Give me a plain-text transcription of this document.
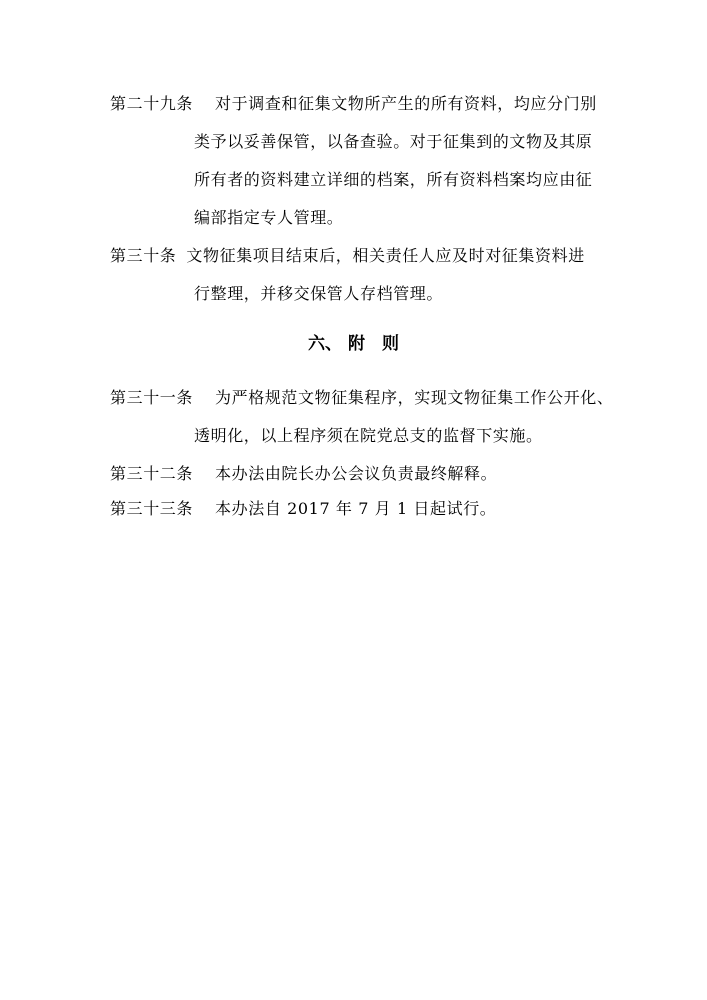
第二十九条 对于调查和征集文物所产生的所有资料，均应分门别
类予以妥善保管，以备查验。对于征集到的文物及其原
所有者的资料建立详细的档案，所有资料档案均应由征
编部指定专人管理。
第三十条 文物征集项目结束后，相关责任人应及时对征集资料进
行整理，并移交保管人存档管理。
六、 附　则
第三十一条 为严格规范文物征集程序，实现文物征集工作公开化、
透明化，以上程序须在院党总支的监督下实施。
第三十二条 本办法由院长办公会议负责最终解释。
第三十三条 本办法自 2017 年 7 月 1 日起试行。
